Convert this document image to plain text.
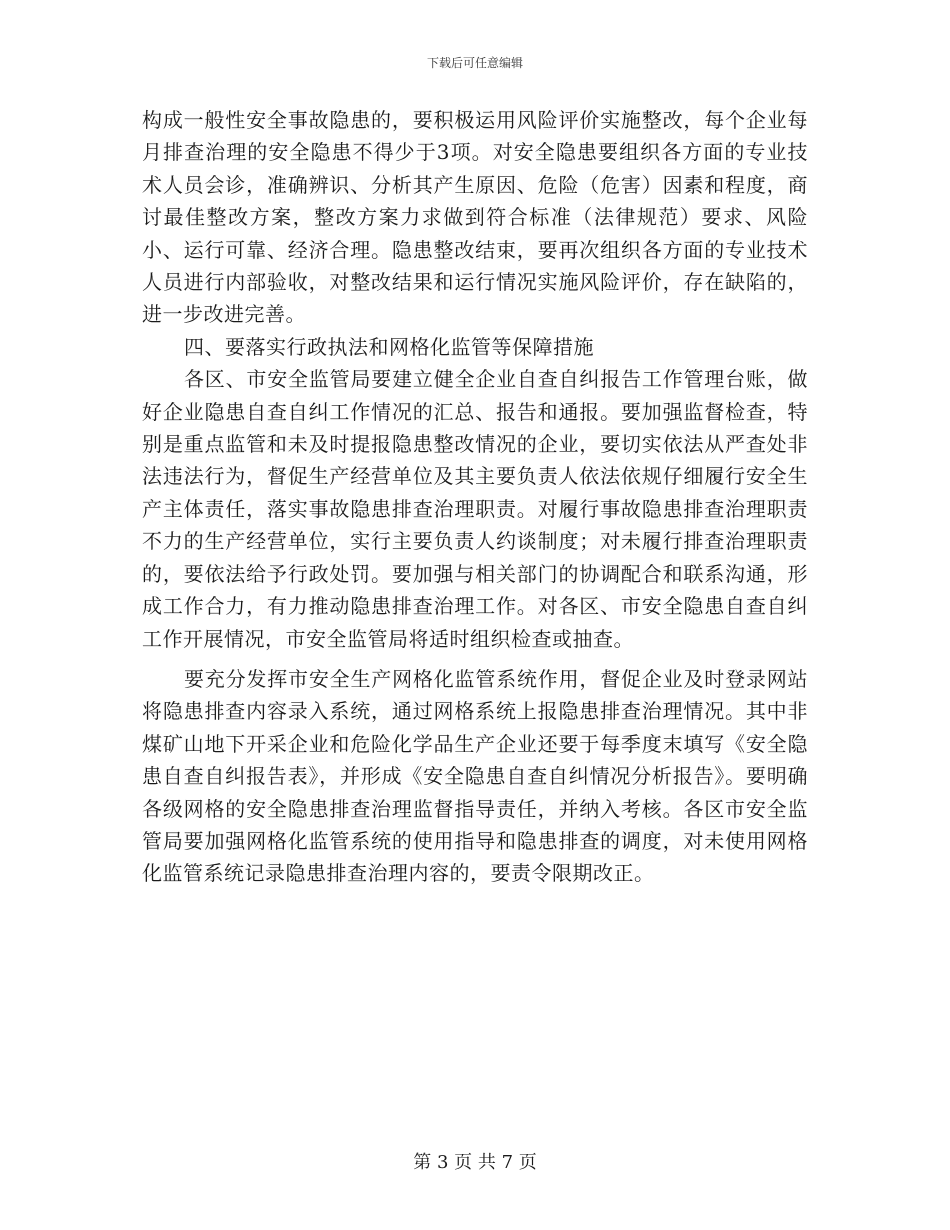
下载后可任意编辑

构成一般性安全事故隐患的，要积极运用风险评价实施整改，每个企业每月排查治理的安全隐患不得少于3项。对安全隐患要组织各方面的专业技术人员会诊，准确辨识、分析其产生原因、危险（危害）因素和程度，商讨最佳整改方案，整改方案力求做到符合标准（法律规范）要求、风险小、运行可靠、经济合理。隐患整改结束，要再次组织各方面的专业技术人员进行内部验收，对整改结果和运行情况实施风险评价，存在缺陷的，进一步改进完善。

四、要落实行政执法和网格化监管等保障措施

各区、市安全监管局要建立健全企业自查自纠报告工作管理台账，做好企业隐患自查自纠工作情况的汇总、报告和通报。要加强监督检查，特别是重点监管和未及时提报隐患整改情况的企业，要切实依法从严查处非法违法行为，督促生产经营单位及其主要负责人依法依规仔细履行安全生产主体责任，落实事故隐患排查治理职责。对履行事故隐患排查治理职责不力的生产经营单位，实行主要负责人约谈制度；对未履行排查治理职责的，要依法给予行政处罚。要加强与相关部门的协调配合和联系沟通，形成工作合力，有力推动隐患排查治理工作。对各区、市安全隐患自查自纠工作开展情况，市安全监管局将适时组织检查或抽查。

要充分发挥市安全生产网格化监管系统作用，督促企业及时登录网站将隐患排查内容录入系统，通过网格系统上报隐患排查治理情况。其中非煤矿山地下开采企业和危险化学品生产企业还要于每季度末填写《安全隐患自查自纠报告表》，并形成《安全隐患自查自纠情况分析报告》。要明确各级网格的安全隐患排查治理监督指导责任，并纳入考核。各区市安全监管局要加强网格化监管系统的使用指导和隐患排查的调度，对未使用网格化监管系统记录隐患排查治理内容的，要责令限期改正。

第 3 页 共 7 页
